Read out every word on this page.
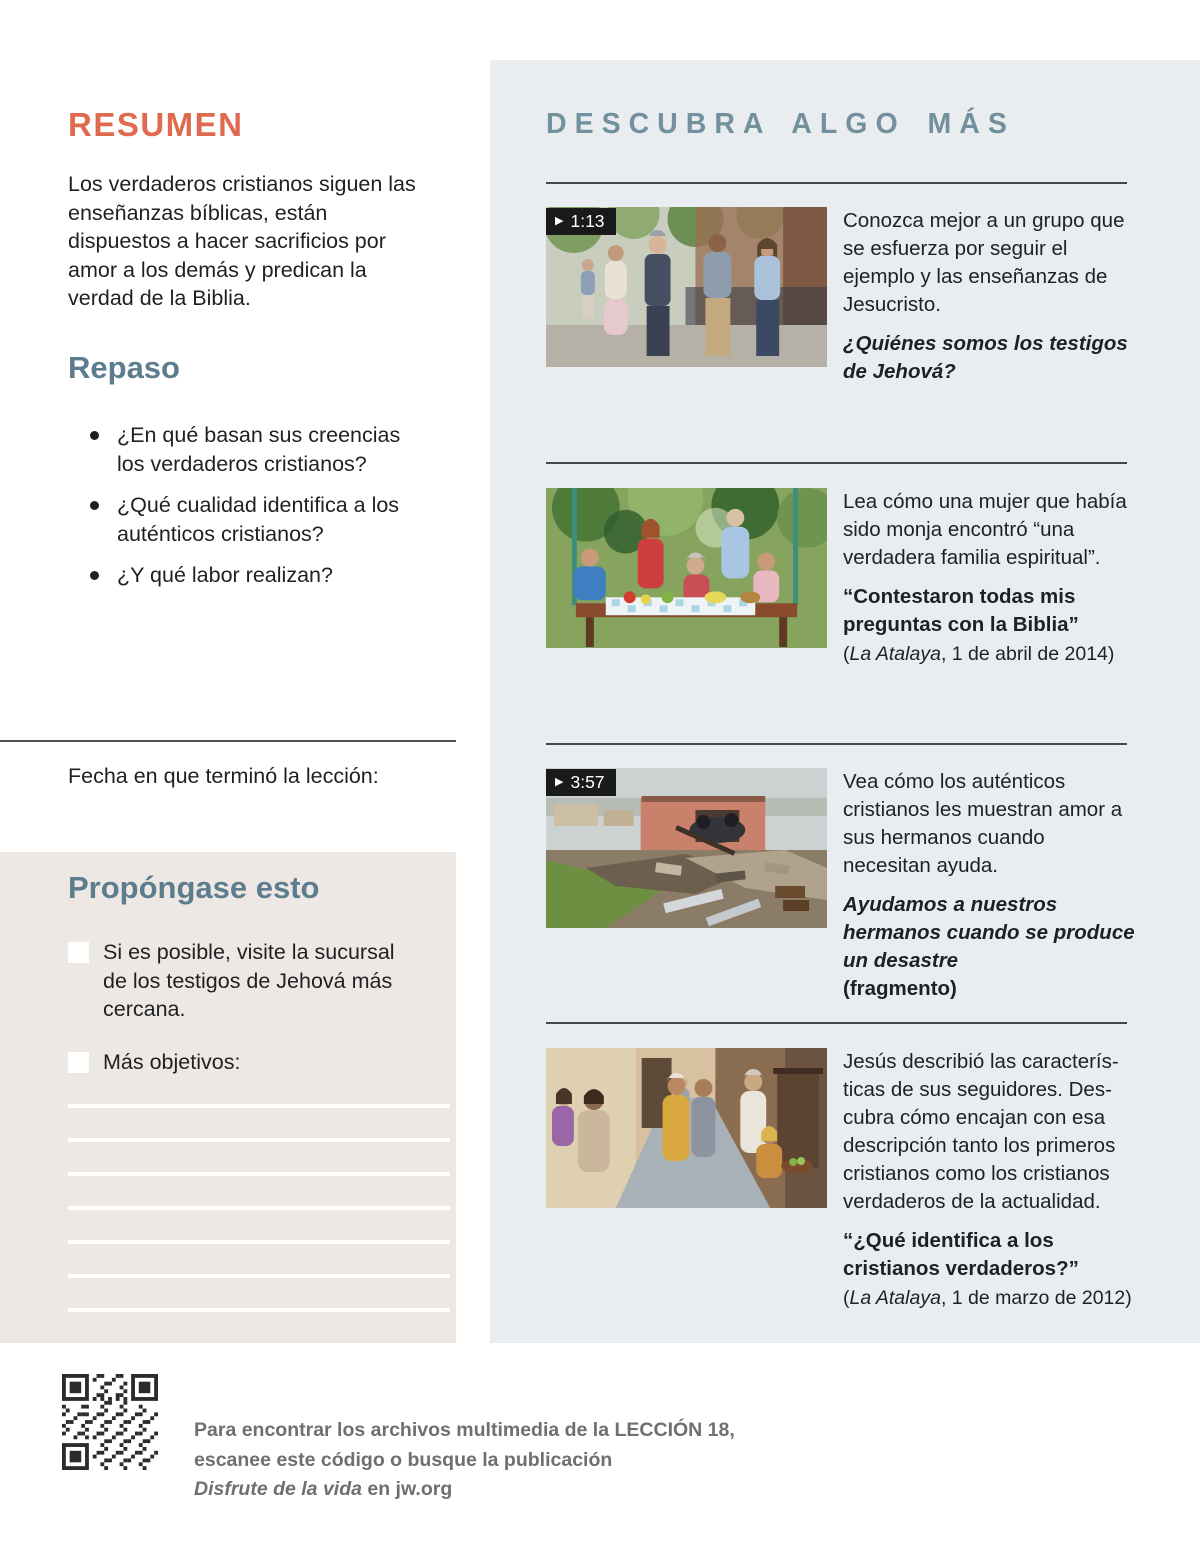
RESUMEN

Los verdaderos cristianos siguen las enseñanzas bíblicas, están dispuestos a hacer sacrificios por amor a los demás y predican la verdad de la Biblia.

Repaso
¿En qué basan sus creencias los verdaderos cristianos?
¿Qué cualidad identifica a los auténticos cristianos?
¿Y qué labor realizan?

Fecha en que terminó la lección:

Propóngase esto
Si es posible, visite la sucursal de los testigos de Jehová más cercana.
Más objetivos:
DESCUBRA ALGO MÁS
▶ 1:13	Conozca mejor a un grupo que se esfuerza por seguir el ejemplo y las enseñanzas de Jesucristo.

¿Quiénes somos los testigos de Jehová?

Lea cómo una mujer que había sido monja encontró “una verdadera familia espiritual”.

“Contestaron todas mis preguntas con la Biblia”

(La Atalaya, 1 de abril de 2014)

▶ 3:57	Vea cómo los auténticos cristianos les muestran amor a sus hermanos cuando necesitan ayuda.

Ayudamos a nuestros hermanos cuando se produce un desastre

(fragmento)

Jesús describió las características de sus seguidores. Descubra cómo encajan con esa descripción tanto los primeros cristianos como los cristianos verdaderos de la actualidad.

“¿Qué identifica a los cristianos verdaderos?”

(La Atalaya, 1 de marzo de 2012)

Para encontrar los archivos multimedia de la LECCIÓN 18,
escanee este código o busque la publicación
Disfrute de la vida en jw.org
